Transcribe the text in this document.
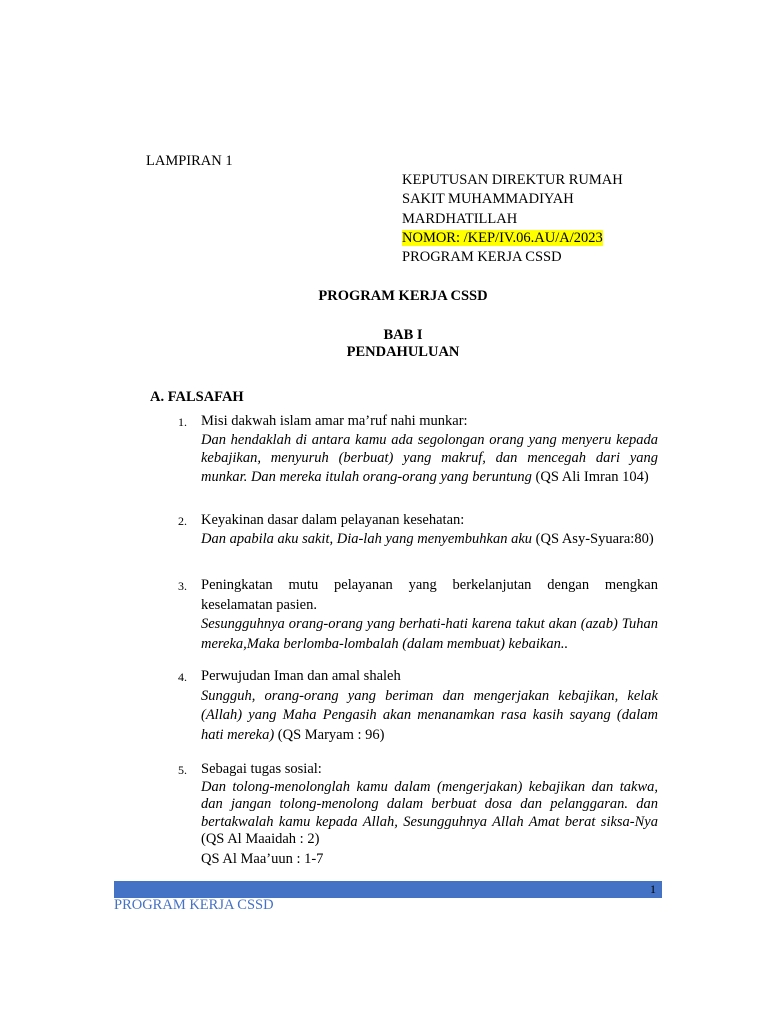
LAMPIRAN 1
KEPUTUSAN DIREKTUR RUMAH
SAKIT MUHAMMADIYAH
MARDHATILLAH
NOMOR: /KEP/IV.06.AU/A/2023
PROGRAM KERJA CSSD
PROGRAM KERJA CSSD
BAB I
PENDAHULUAN
A. FALSAFAH
1. Misi dakwah islam amar ma’ruf nahi munkar:
Dan hendaklah di antara kamu ada segolongan orang yang menyeru kepada kebajikan, menyuruh (berbuat) yang makruf, dan mencegah dari yang munkar. Dan mereka itulah orang-orang yang beruntung (QS Ali Imran 104)
2. Keyakinan dasar dalam pelayanan kesehatan:
Dan apabila aku sakit, Dia-lah yang menyembuhkan aku (QS Asy-Syuara:80)
3. Peningkatan mutu pelayanan yang berkelanjutan dengan mengkan keselamatan pasien.
Sesungguhnya orang-orang yang berhati-hati karena takut akan (azab) Tuhan mereka,Maka berlomba-lombalah (dalam membuat) kebaikan..
4. Perwujudan Iman dan amal shaleh
Sungguh, orang-orang yang beriman dan mengerjakan kebajikan, kelak (Allah) yang Maha Pengasih akan menanamkan rasa kasih sayang (dalam hati mereka) (QS Maryam : 96)
5. Sebagai tugas sosial:
Dan tolong-menolonglah kamu dalam (mengerjakan) kebajikan dan takwa, dan jangan tolong-menolong dalam berbuat dosa dan pelanggaran. dan bertakwalah kamu kepada Allah, Sesungguhnya Allah Amat berat siksa-Nya (QS Al Maaidah : 2)
QS Al Maa’uun : 1-7
1
PROGRAM KERJA CSSD
